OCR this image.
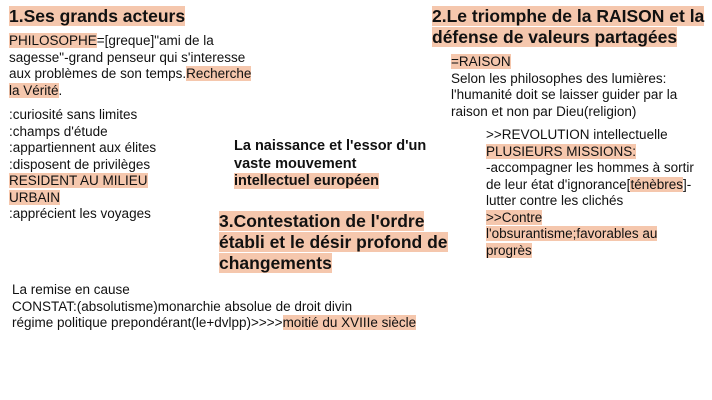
1.Ses grands acteurs
PHILOSOPHE=[greque]"ami de la sagesse"-grand penseur qui s'interesse aux problèmes de son temps.Recherche la Vérité.

:curiosité sans limites

:champs d'étude

:appartiennent aux élites

:disposent de privilèges

RESIDENT AU MILIEU URBAIN

:apprécient les voyages

La naissance et l'essor d'un

vaste mouvement

intellectuel européen

2.Le triomphe de la RAISON et la

défense de valeurs partagées

=RAISON

Selon les philosophes des lumières: l'humanité doit se laisser guider par la raison et non par Dieu(religion)

>>REVOLUTION intellectuelle

PLUSIEURS MISSIONS:

-accompagner les hommes à sortir de leur état d'ignorance[ténèbres]-lutter contre les clichés

>>Contre l'obsurantisme;favorables au progrès

3.Contestation de l'ordre

établi et le désir profond de

changements

La remise en cause

CONSTAT:(absolutisme)monarchie absolue de droit divin

régime politique prepondérant(le+dvlpp)>>>>moitié du XVIIIe siècle
